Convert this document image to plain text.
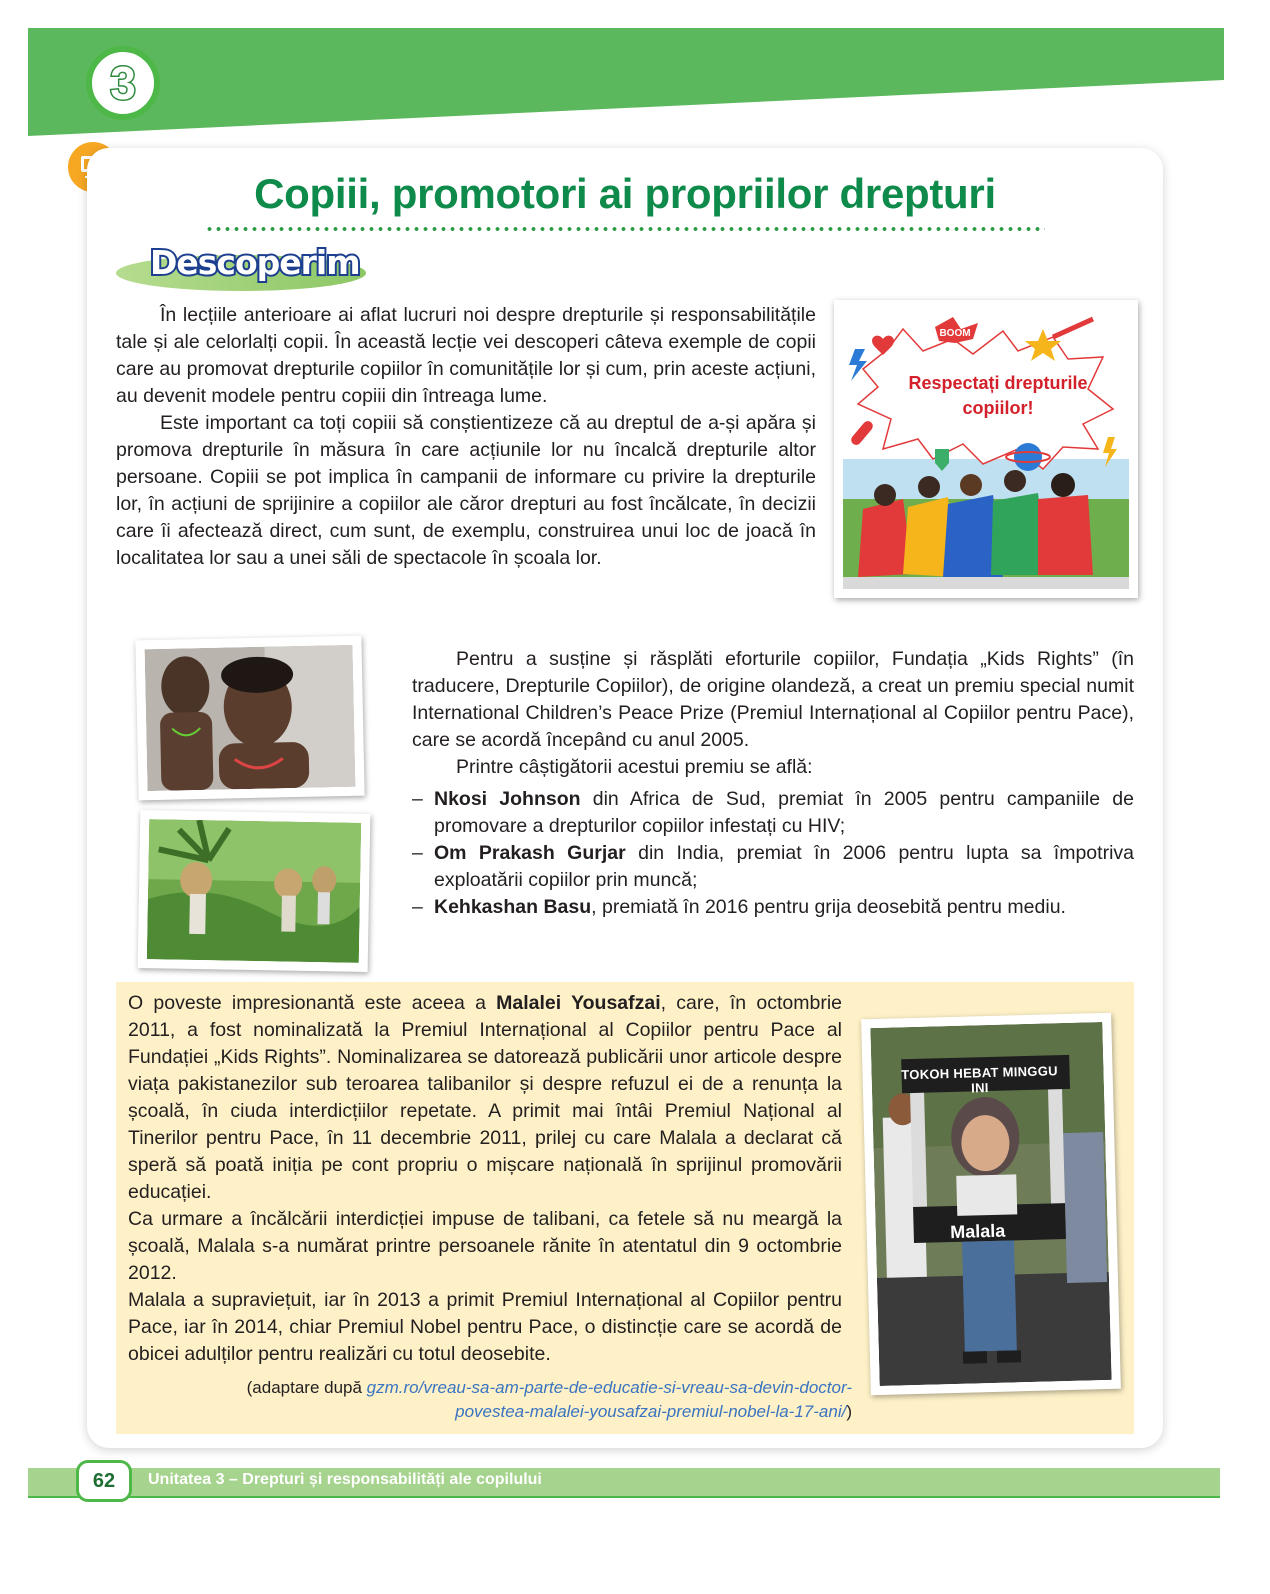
3
Copiii, promotori ai propriilor drepturi
Descoperim

În lecțiile anterioare ai aflat lucruri noi despre drepturile și responsabilitățile tale și ale celorlalți copii. În această lecție vei descoperi câteva exemple de copii care au promovat drepturile copiilor în comunitățile lor și cum, prin aceste acțiuni, au devenit modele pentru copiii din întreaga lume.

Este important ca toți copiii să conștientizeze că au dreptul de a-și apăra și promova drepturile în măsura în care acțiunile lor nu încalcă drepturile altor persoane. Copiii se pot implica în campanii de informare cu privire la drepturile lor, în acțiuni de sprijinire a copiilor ale căror drepturi au fost încălcate, în decizii care îi afectează direct, cum sunt, de exemplu, construirea unui loc de joacă în localitatea lor sau a unei săli de spectacole în școala lor.

BOOM
Respectați drepturile copiilor!

Pentru a susține și răsplăti eforturile copiilor, Fundația „Kids Rights” (în traducere, Drepturile Copiilor), de origine olandeză, a creat un premiu special numit International Children’s Peace Prize (Premiul Internațional al Copiilor pentru Pace), care se acordă începând cu anul 2005.

Printre câștigătorii acestui premiu se află:

– Nkosi Johnson din Africa de Sud, premiat în 2005 pentru campaniile de promovare a drepturilor copiilor infestați cu HIV;
– Om Prakash Gurjar din India, premiat în 2006 pentru lupta sa împotriva exploatării copiilor prin muncă;
– Kehkashan Basu, premiată în 2016 pentru grija deosebită pentru mediu.

O poveste impresionantă este aceea a Malalei Yousafzai, care, în octombrie 2011, a fost nominalizată la Premiul Internațional al Copiilor pentru Pace al Fundației „Kids Rights”. Nominalizarea se datorează publicării unor articole despre viața pakistanezilor sub teroarea talibanilor și despre refuzul ei de a renunța la școală, în ciuda interdicțiilor repetate. A primit mai întâi Premiul Național al Tinerilor pentru Pace, în 11 decembrie 2011, prilej cu care Malala a declarat că speră să poată iniția pe cont propriu o mișcare națională în sprijinul promovării educației.

Ca urmare a încălcării interdicției impuse de talibani, ca fetele să nu meargă la școală, Malala s-a numărat printre persoanele rănite în atentatul din 9 octombrie 2012.

Malala a supraviețuit, iar în 2013 a primit Premiul Internațional al Copiilor pentru Pace, iar în 2014, chiar Premiul Nobel pentru Pace, o distincție care se acordă de obicei adulților pentru realizări cu totul deosebite.

(adaptare după gzm.ro/vreau-sa-am-parte-de-educatie-si-vreau-sa-devin-doctor-
povestea-malalei-yousafzai-premiul-nobel-la-17-ani/)
TOKOH HEBAT MINGGU INI
Malala
62	Unitatea 3 – Drepturi și responsabilități ale copilului
